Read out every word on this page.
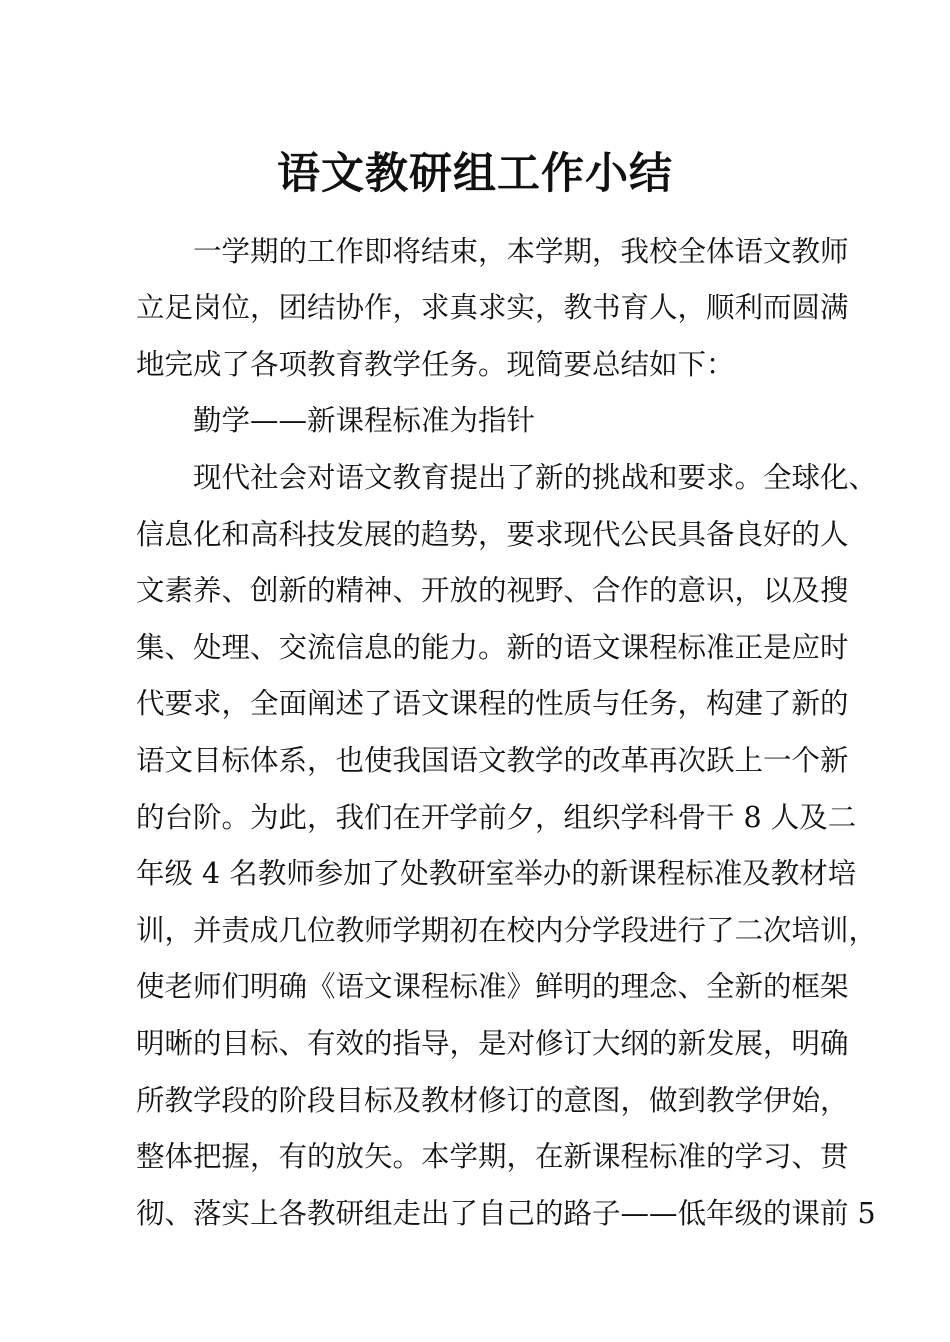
语文教研组工作小结

一学期的工作即将结束，本学期，我校全体语文教师

立足岗位，团结协作，求真求实，教书育人，顺利而圆满

地完成了各项教育教学任务。现简要总结如下：

勤学——新课程标准为指针

现代社会对语文教育提出了新的挑战和要求。全球化、

信息化和高科技发展的趋势，要求现代公民具备良好的人

文素养、创新的精神、开放的视野、合作的意识，以及搜

集、处理、交流信息的能力。新的语文课程标准正是应时

代要求，全面阐述了语文课程的性质与任务，构建了新的

语文目标体系，也使我国语文教学的改革再次跃上一个新

的台阶。为此，我们在开学前夕，组织学科骨干 8 人及二

年级 4 名教师参加了处教研室举办的新课程标准及教材培

训，并责成几位教师学期初在校内分学段进行了二次培训，

使老师们明确《语文课程标准》鲜明的理念、全新的框架

明晰的目标、有效的指导，是对修订大纲的新发展，明确

所教学段的阶段目标及教材修订的意图，做到教学伊始，

整体把握，有的放矢。本学期，在新课程标准的学习、贯

彻、落实上各教研组走出了自己的路子——低年级的课前 5
